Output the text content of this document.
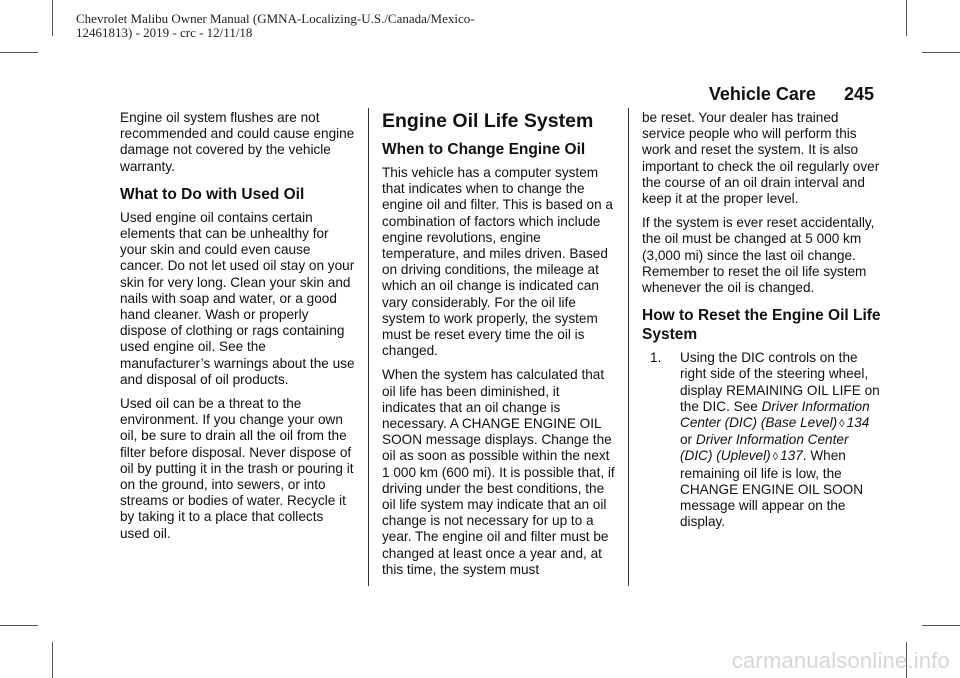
Chevrolet Malibu Owner Manual (GMNA-Localizing-U.S./Canada/Mexico-
12461813) - 2019 - crc - 12/11/18
Vehicle Care 245

Engine oil system flushes are not recommended and could cause engine damage not covered by the vehicle warranty.

What to Do with Used Oil

Used engine oil contains certain elements that can be unhealthy for your skin and could even cause cancer. Do not let used oil stay on your skin for very long. Clean your skin and nails with soap and water, or a good hand cleaner. Wash or properly dispose of clothing or rags containing used engine oil. See the manufacturer’s warnings about the use and disposal of oil products.

Used oil can be a threat to the environment. If you change your own oil, be sure to drain all the oil from the filter before disposal. Never dispose of oil by putting it in the trash or pouring it on the ground, into sewers, or into streams or bodies of water. Recycle it by taking it to a place that collects used oil.

Engine Oil Life System
When to Change Engine Oil

This vehicle has a computer system that indicates when to change the engine oil and filter. This is based on a combination of factors which include engine revolutions, engine temperature, and miles driven. Based on driving conditions, the mileage at which an oil change is indicated can vary considerably. For the oil life system to work properly, the system must be reset every time the oil is changed.

When the system has calculated that oil life has been diminished, it indicates that an oil change is necessary. A CHANGE ENGINE OIL SOON message displays. Change the oil as soon as possible within the next 1 000 km (600 mi). It is possible that, if driving under the best conditions, the oil life system may indicate that an oil change is not necessary for up to a year. The engine oil and filter must be changed at least once a year and, at this time, the system must

be reset. Your dealer has trained service people who will perform this work and reset the system. It is also important to check the oil regularly over the course of an oil drain interval and keep it at the proper level.

If the system is ever reset accidentally, the oil must be changed at 5 000 km (3,000 mi) since the last oil change. Remember to reset the oil life system whenever the oil is changed.

How to Reset the Engine Oil Life System
1.	Using the DIC controls on the right side of the steering wheel, display REMAINING OIL LIFE on the DIC. See Driver Information Center (DIC) (Base Level) ◊ 134 or Driver Information Center (DIC) (Uplevel) ◊ 137. When remaining oil life is low, the CHANGE ENGINE OIL SOON message will appear on the display.
carmanualsonline.info
